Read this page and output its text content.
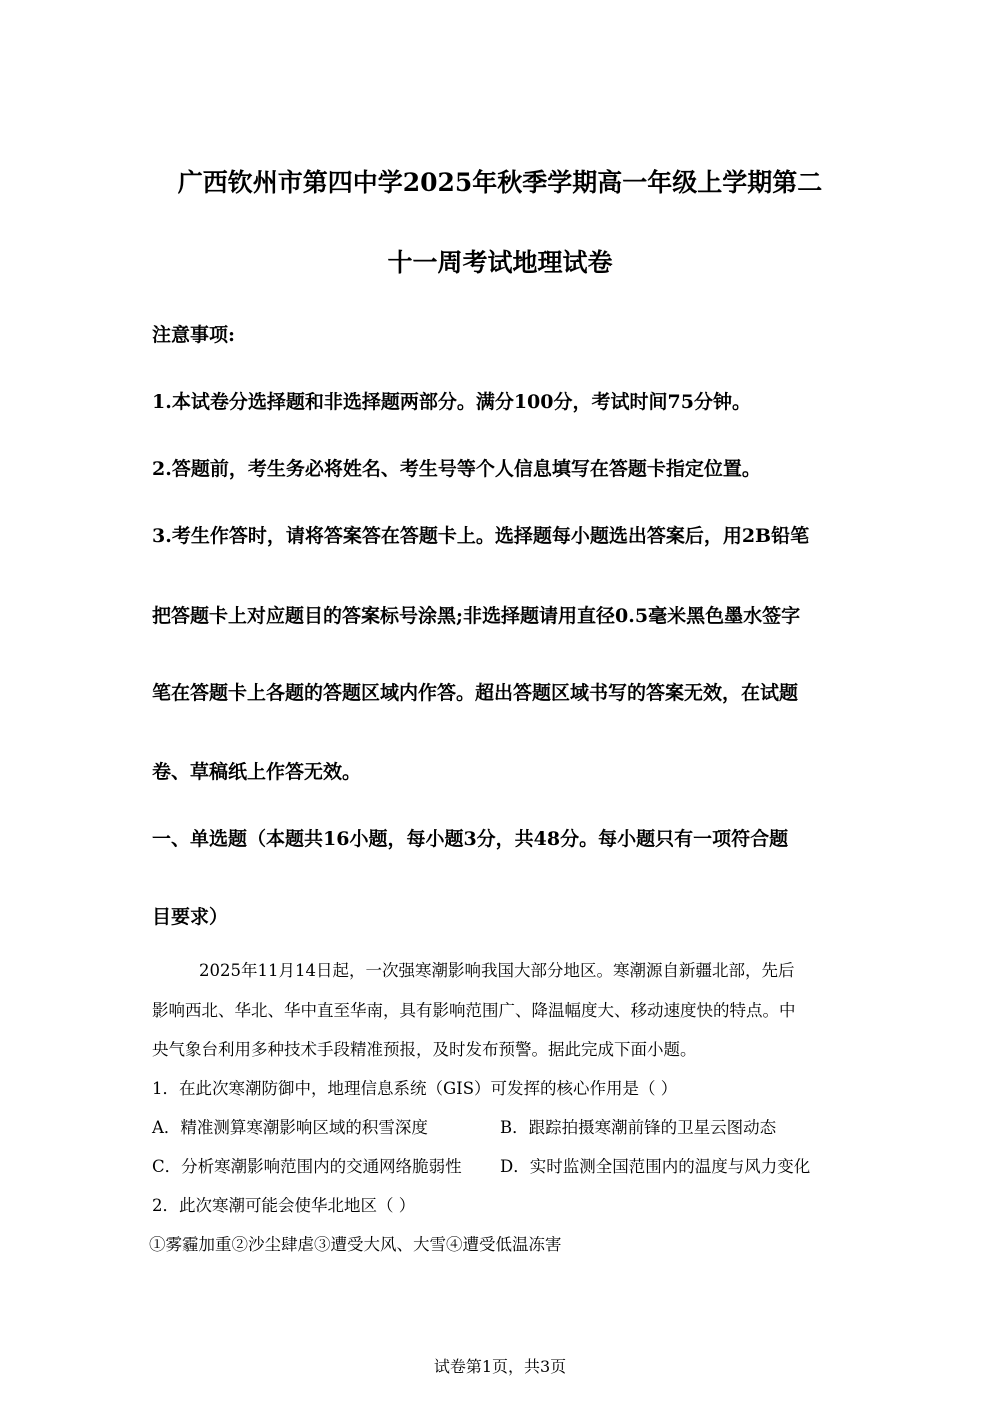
广西钦州市第四中学2025年秋季学期高一年级上学期第二
十一周考试地理试卷
注意事项:
1.本试卷分选择题和非选择题两部分。满分100分，考试时间75分钟。
2.答题前，考生务必将姓名、考生号等个人信息填写在答题卡指定位置。
3.考生作答时，请将答案答在答题卡上。选择题每小题选出答案后，用2B铅笔
把答题卡上对应题目的答案标号涂黑;非选择题请用直径0.5毫米黑色墨水签字
笔在答题卡上各题的答题区域内作答。超出答题区域书写的答案无效，在试题
卷、草稿纸上作答无效。
一、单选题（本题共16小题，每小题3分，共48分。每小题只有一项符合题
目要求）
2025年11月14日起，一次强寒潮影响我国大部分地区。寒潮源自新疆北部，先后
影响西北、华北、华中直至华南，具有影响范围广、降温幅度大、移动速度快的特点。中
央气象台利用多种技术手段精准预报，及时发布预警。据此完成下面小题。
1．在此次寒潮防御中，地理信息系统（GIS）可发挥的核心作用是（ ）
A．精准测算寒潮影响区域的积雪深度	B．跟踪拍摄寒潮前锋的卫星云图动态
C．分析寒潮影响范围内的交通网络脆弱性 D．实时监测全国范围内的温度与风力变化
2．此次寒潮可能会使华北地区（ ）
①雾霾加重②沙尘肆虐③遭受大风、大雪④遭受低温冻害
试卷第1页，共3页
